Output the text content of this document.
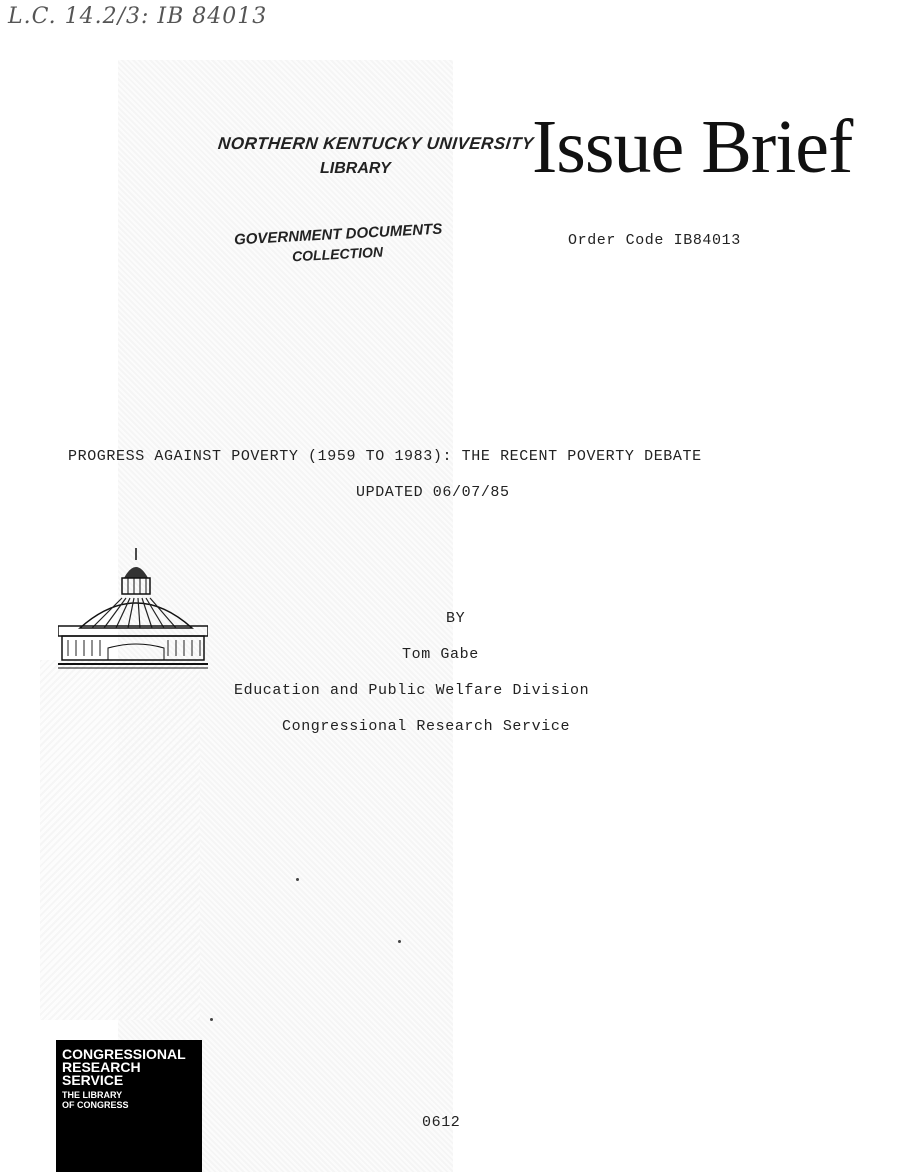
L.C. 14.2/3: IB 84013
NORTHERN KENTUCKY UNIVERSITY
LIBRARY
GOVERNMENT DOCUMENTS
COLLECTION
Issue Brief
Order Code IB84013
PROGRESS AGAINST POVERTY (1959 TO 1983): THE RECENT POVERTY DEBATE
UPDATED 06/07/85
BY
Tom Gabe
Education and Public Welfare Division
Congressional Research Service
CONGRESSIONAL
RESEARCH
SERVICE
THE LIBRARY
OF CONGRESS
0612
